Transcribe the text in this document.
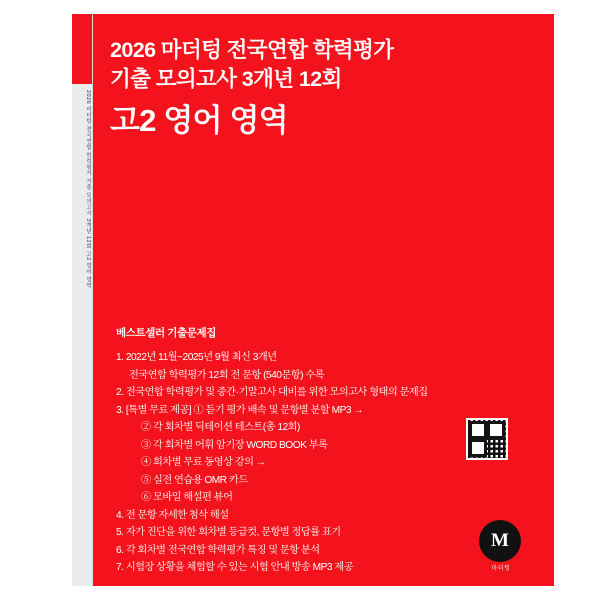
2026 마더텅 전국연합 학력평가 기출 모의고사 3개년 12회 고2 영어 영역
2026 마더텅 전국연합 학력평가
기출 모의고사 3개년 12회
고2 영어 영역
베스트셀러 기출문제집
1. 2022년 11월~2025년 9월 최신 3개년
전국연합 학력평가 12회 전 문항 (540문항) 수록
2. 전국연합 학력평가 및 중간·기말고사 대비를 위한 모의고사 형태의 문제집
3. [특별 무료 제공] ① 듣기 평가 배속 및 문항별 분할 MP3 →
② 각 회차별 딕테이션 테스트(총 12회)
③ 각 회차별 어휘 암기장 WORD BOOK 부록
④ 회차별 무료 동영상 강의 →
⑤ 실전 연습용 OMR 카드
⑥ 모바일 해설편 뷰어
4. 전 문항 자세한 첨삭 해설
5. 자가 진단을 위한 회차별 등급컷, 문항별 정답률 표기
6. 각 회차별 전국연합 학력평가 특징 및 문항 분석
7. 시험장 상황을 체험할 수 있는 시험 안내 방송 MP3 제공
M
마더텅
